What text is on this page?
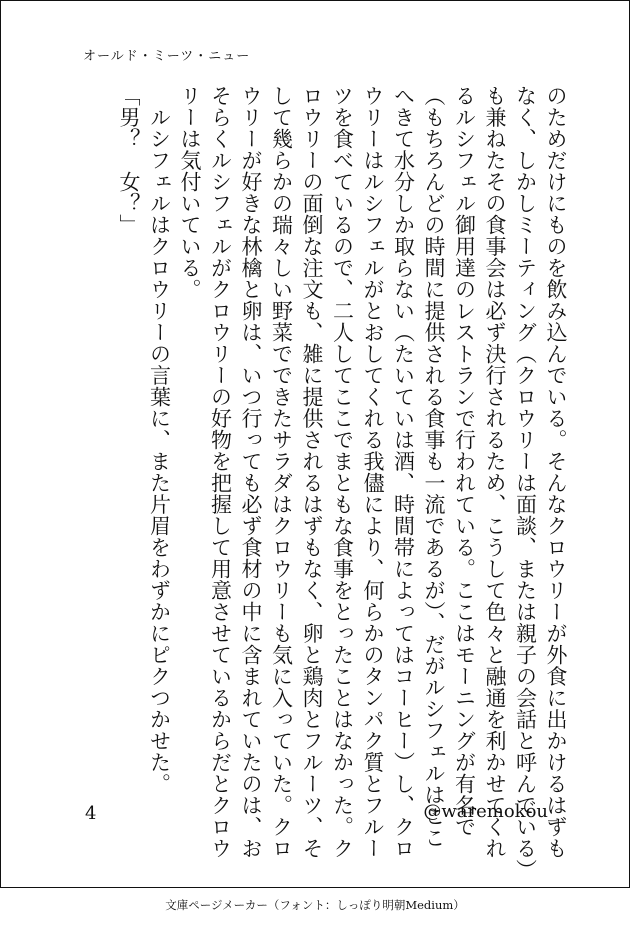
オールド・ミーツ・ニュー
のためだけにものを飲み込んでいる。そんなクロウリーが外食に出かけるはずも
なく、しかしミーティング（クロウリーは面談、または親子の会話と呼んでいる）
も兼ねたその食事会は必ず決行されるため、こうして色々と融通を利かせてくれ
るルシフェル御用達のレストランで行われている。ここはモーニングが有名で
（もちろんどの時間に提供される食事も一流であるが）、だがルシフェルはここ
へきて水分しか取らない（たいていは酒、時間帯によってはコーヒー）し、クロ
ウリーはルシフェルがとおしてくれる我儘により、何らかのタンパク質とフルー
ツを食べているので、二人してここでまともな食事をとったことはなかった。ク
ロウリーの面倒な注文も、雑に提供されるはずもなく、卵と鶏肉とフルーツ、そ
して幾らかの瑞々しい野菜でできたサラダはクロウリーも気に入っていた。クロ
ウリーが好きな林檎と卵は、いつ行っても必ず食材の中に含まれていたのは、お
そらくルシフェルがクロウリーの好物を把握して用意させているからだとクロウ
リーは気付いている。
　ルシフェルはクロウリーの言葉に、また片眉をわずかにピクつかせた。
「男？　女？」
4	@waremokou_
文庫ページメーカー（フォント：しっぽり明朝Medium）
